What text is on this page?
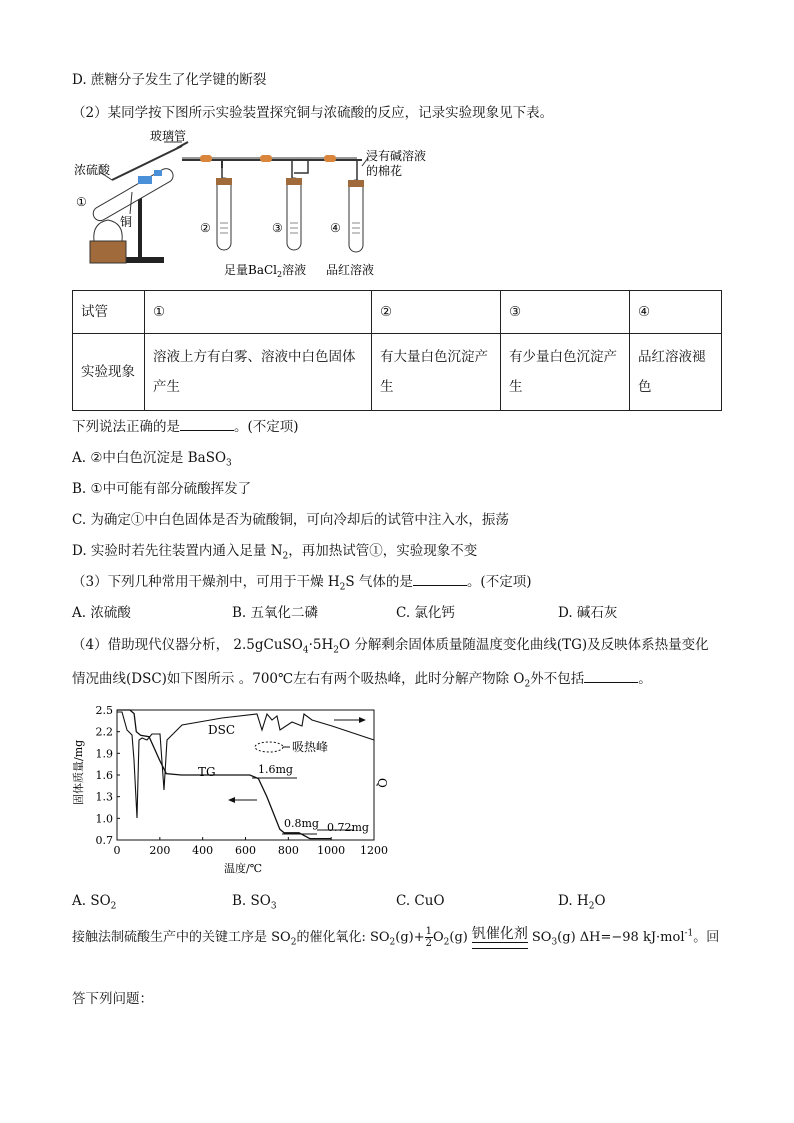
D. 蔗糖分子发生了化学键的断裂
（2）某同学按下图所示实验装置探究铜与浓硫酸的反应，记录实验现象见下表。
玻璃管
浓硫酸
铜
①
②	③	④
浸有碱溶液
的棉花
足量BaCl$_2$溶液 品红溶液
试管	①	②	③	④
实验现象	溶液上方有白雾、溶液中白色固体产生	有大量白色沉淀产生	有少量白色沉淀产生	品红溶液褪色
下列说法正确的是	。(不定项)
A. ②中白色沉淀是 BaSO$_3$
B. ①中可能有部分硫酸挥发了
C. 为确定①中白色固体是否为硫酸铜，可向冷却后的试管中注入水，振荡
D. 实验时若先往装置内通入足量 $N_2$，再加热试管①，实验现象不变
（3）下列几种常用干燥剂中，可用于干燥 $H_2S$ 气体的是	。(不定项)
A. 浓硫酸	B. 五氧化二磷	C. 氯化钙	D. 碱石灰
（4）借助现代仪器分析， $2.5gCuSO_4\cdot 5H_2O$ 分解剩余固体质量随温度变化曲线(TG)及反映体系热量变化
情况曲线(DSC)如下图所示 。700℃左右有两个吸热峰，此时分解产物除 $O_2$外不包括	。
0.7
1.0
1.3
1.6
1.9
2.2
2.5
0	200 400 600 800 1000 1200
DSC
TG
吸热峰
1.6mg
0.8mg 0.72mg
Q
固体质量/mg
温度/℃
A. $SO_2$	B. $SO_3$	C. CuO	D. $H_2O$
接触法制硫酸生产中的关键工序是 $SO_2$的催化氧化: $SO_2(g)+ \frac{1}{2} O_2(g)$ 钒催化剂 $SO_3(g)$ ΔH=−98 kJ·mol$^{-1}$。回
答下列问题：
